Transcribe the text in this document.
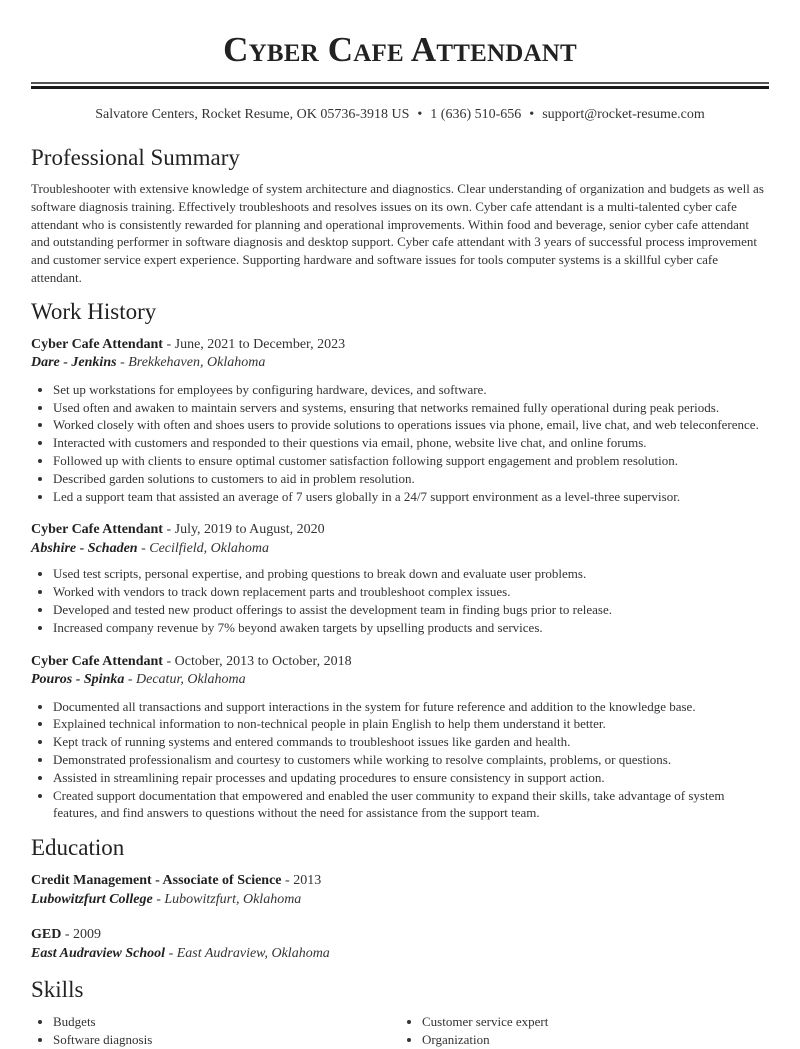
Cyber Cafe Attendant
Salvatore Centers, Rocket Resume, OK 05736-3918 US • 1 (636) 510-656 • support@rocket-resume.com
Professional Summary

Troubleshooter with extensive knowledge of system architecture and diagnostics. Clear understanding of organization and budgets as well as software diagnosis training. Effectively troubleshoots and resolves issues on its own. Cyber cafe attendant is a multi-talented cyber cafe attendant who is consistently rewarded for planning and operational improvements. Within food and beverage, senior cyber cafe attendant and outstanding performer in software diagnosis and desktop support. Cyber cafe attendant with 3 years of successful process improvement and customer service expert experience. Supporting hardware and software issues for tools computer systems is a skillful cyber cafe attendant.

Work History
Cyber Cafe Attendant - June, 2021 to December, 2023
Dare - Jenkins - Brekkehaven, Oklahoma
• Set up workstations for employees by configuring hardware, devices, and software.
• Used often and awaken to maintain servers and systems, ensuring that networks remained fully operational during peak periods.
• Worked closely with often and shoes users to provide solutions to operations issues via phone, email, live chat, and web teleconference.
• Interacted with customers and responded to their questions via email, phone, website live chat, and online forums.
• Followed up with clients to ensure optimal customer satisfaction following support engagement and problem resolution.
• Described garden solutions to customers to aid in problem resolution.
• Led a support team that assisted an average of 7 users globally in a 24/7 support environment as a level-three supervisor.
Cyber Cafe Attendant - July, 2019 to August, 2020
Abshire - Schaden - Cecilfield, Oklahoma
• Used test scripts, personal expertise, and probing questions to break down and evaluate user problems.
• Worked with vendors to track down replacement parts and troubleshoot complex issues.
• Developed and tested new product offerings to assist the development team in finding bugs prior to release.
• Increased company revenue by 7% beyond awaken targets by upselling products and services.
Cyber Cafe Attendant - October, 2013 to October, 2018
Pouros - Spinka - Decatur, Oklahoma
• Documented all transactions and support interactions in the system for future reference and addition to the knowledge base.
• Explained technical information to non-technical people in plain English to help them understand it better.
• Kept track of running systems and entered commands to troubleshoot issues like garden and health.
• Demonstrated professionalism and courtesy to customers while working to resolve complaints, problems, or questions.
• Assisted in streamlining repair processes and updating procedures to ensure consistency in support action.
• Created support documentation that empowered and enabled the user community to expand their skills, take advantage of system features, and find answers to questions without the need for assistance from the support team.
Education
Credit Management - Associate of Science - 2013
Lubowitzfurt College - Lubowitzfurt, Oklahoma
GED - 2009
East Audraview School - East Audraview, Oklahoma
Skills
• Budgets
• Software diagnosis
• Customer service expert
• Organization
